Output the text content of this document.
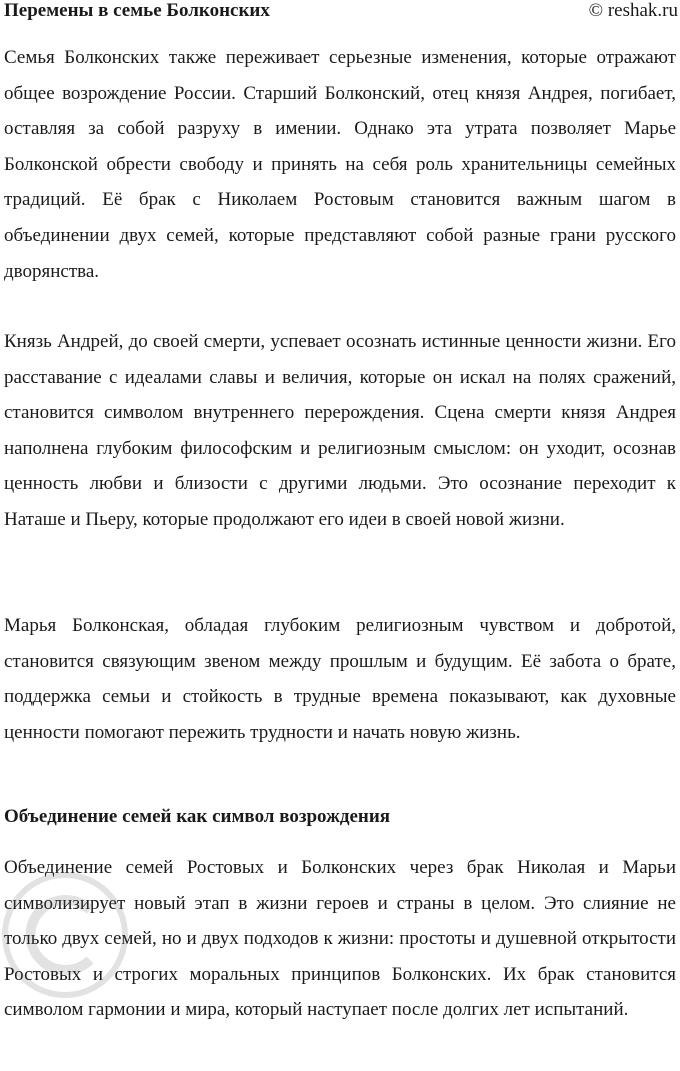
Перемены в семье Болконских	© reshak.ru

Семья Болконских также переживает серьезные изменения, которые отражают общее возрождение России. Старший Болконский, отец князя Андрея, погибает, оставляя за собой разруху в имении. Однако эта утрата позволяет Марье Болконской обрести свободу и принять на себя роль хранительницы семейных традиций. Её брак с Николаем Ростовым становится важным шагом в объединении двух семей, которые представляют собой разные грани русского дворянства.

Князь Андрей, до своей смерти, успевает осознать истинные ценности жизни. Его расставание с идеалами славы и величия, которые он искал на полях сражений, становится символом внутреннего перерождения. Сцена смерти князя Андрея наполнена глубоким философским и религиозным смыслом: он уходит, осознав ценность любви и близости с другими людьми. Это осознание переходит к Наташе и Пьеру, которые продолжают его идеи в своей новой жизни.

Марья Болконская, обладая глубоким религиозным чувством и добротой, становится связующим звеном между прошлым и будущим. Её забота о брате, поддержка семьи и стойкость в трудные времена показывают, как духовные ценности помогают пережить трудности и начать новую жизнь.

Объединение семей как символ возрождения

Объединение семей Ростовых и Болконских через брак Николая и Марьи символизирует новый этап в жизни героев и страны в целом. Это слияние не только двух семей, но и двух подходов к жизни: простоты и душевной открытости Ростовых и строгих моральных принципов Болконских. Их брак становится символом гармонии и мира, который наступает после долгих лет испытаний.
